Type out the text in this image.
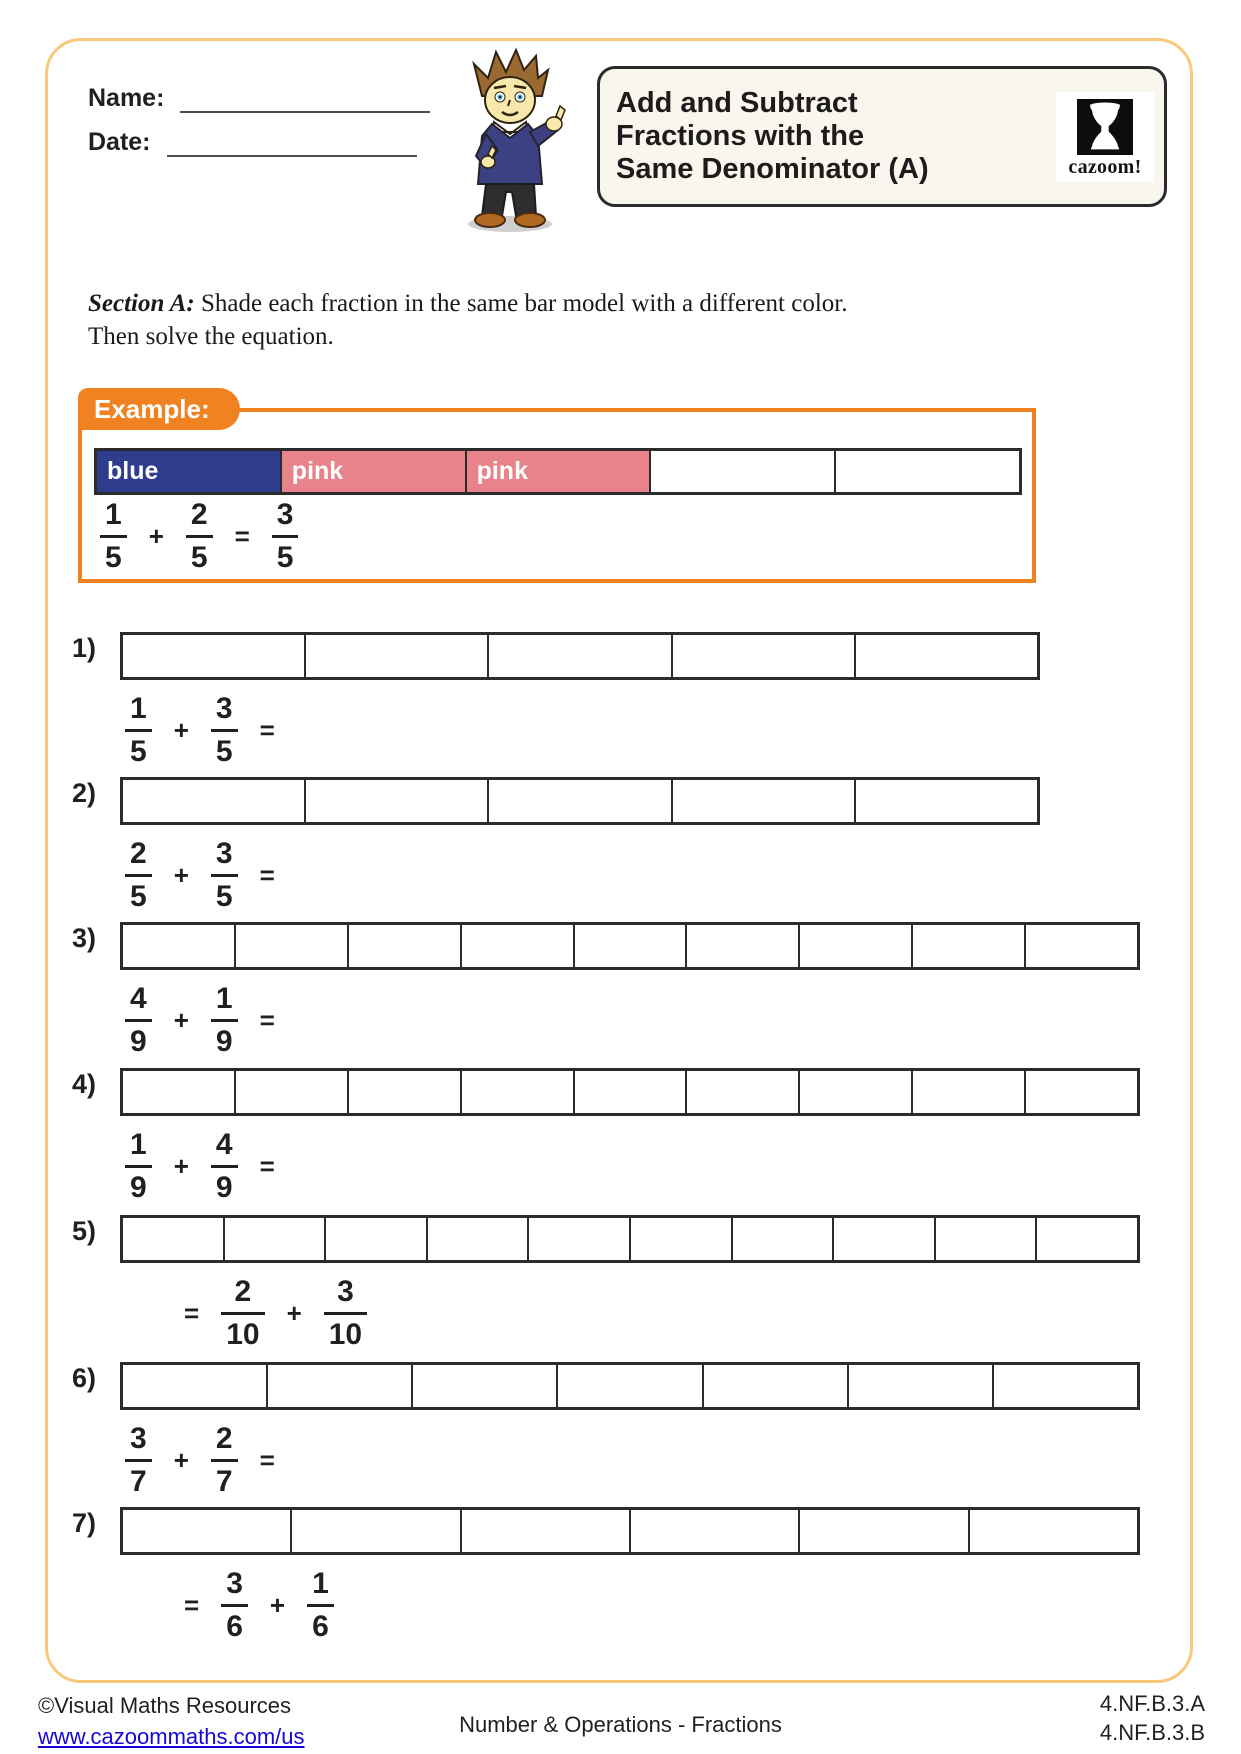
Name:
Date:
Add and Subtract
Fractions with the
Same Denominator (A)	cazoom!
Section A: Shade each fraction in the same bar model with a different color.
Then solve the equation.
Example:
blue	pink	pink
$\frac{1}{5} + \frac{2}{5} = \frac{3}{5}$
1)
$\frac{1}{5} + \frac{3}{5}$ =
2)
$\frac{2}{5} + \frac{3}{5}$ =
3)
$\frac{4}{9} + \frac{1}{9}$ =
4)
$\frac{1}{9} + \frac{4}{9}$ =
5)
= $\frac{2}{10} + \frac{3}{10}$
6)
$\frac{3}{7} + \frac{2}{7}$ =
7)
= $\frac{3}{6} + \frac{1}{6}$
©Visual Maths Resources
www.cazoommaths.com/us	Number & Operations - Fractions
4.NF.B.3.A
4.NF.B.3.B
